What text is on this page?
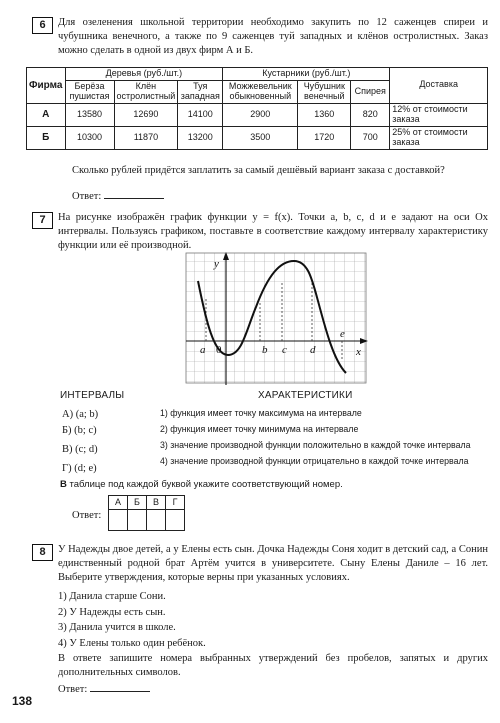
6	Для озеленения школьной территории необходимо закупить по 12 саженцев спиреи и чубушника венечного, а также по 9 саженцев туй западных и клёнов остролистных. Заказ можно сделать в одной из двух фирм А и Б.
Фирма	Деревья (руб./шт.)			Кустарники (руб./шт.)			Доставка
	Берёза пушистая	Клён остролистный	Туя западная	Можжевельник обыкновенный	Чубушник венечный	Спирея	
А	13580	12690	14100	2900	1360	820	12% от стоимости заказа
Б	10300	11870	13200	3500	1720	700	25% от стоимости заказа
Сколько рублей придётся заплатить за самый дешёвый вариант заказа с доставкой?
Ответ:
7	На рисунке изображён график функции y = f(x). Точки a, b, c, d и e задают на оси Ox интервалы. Пользуясь графиком, поставьте в соответствие каждому интервалу характеристику функции или её производной.
y
x
a	b c d
e
0
ИНТЕРВАЛЫ	ХАРАКТЕРИСТИКИ
А) (a; b)
Б) (b; c)
В) (c; d)
Г) (d; e)
1) функция имеет точку максимума на интервале
2) функция имеет точку минимума на интервале
3) значение производной функции положительно в каждой точке интервала
4) значение производной функции отрицательно в каждой точке интервала
В таблице под каждой буквой укажите соответствующий номер.
Ответ:
А	Б	В	Г

8	У Надежды двое детей, а у Елены есть сын. Дочка Надежды Соня ходит в детский сад, а Сонин единственный родной брат Артём учится в университете. Сыну Елены Даниле – 16 лет. Выберите утверждения, которые верны при указанных условиях.
1) Данила старше Сони.
2) У Надежды есть сын.
3) Данила учится в школе.
4) У Елены только один ребёнок.
В ответе запишите номера выбранных утверждений без пробелов, запятых и других дополнительных символов.
Ответ:
138
